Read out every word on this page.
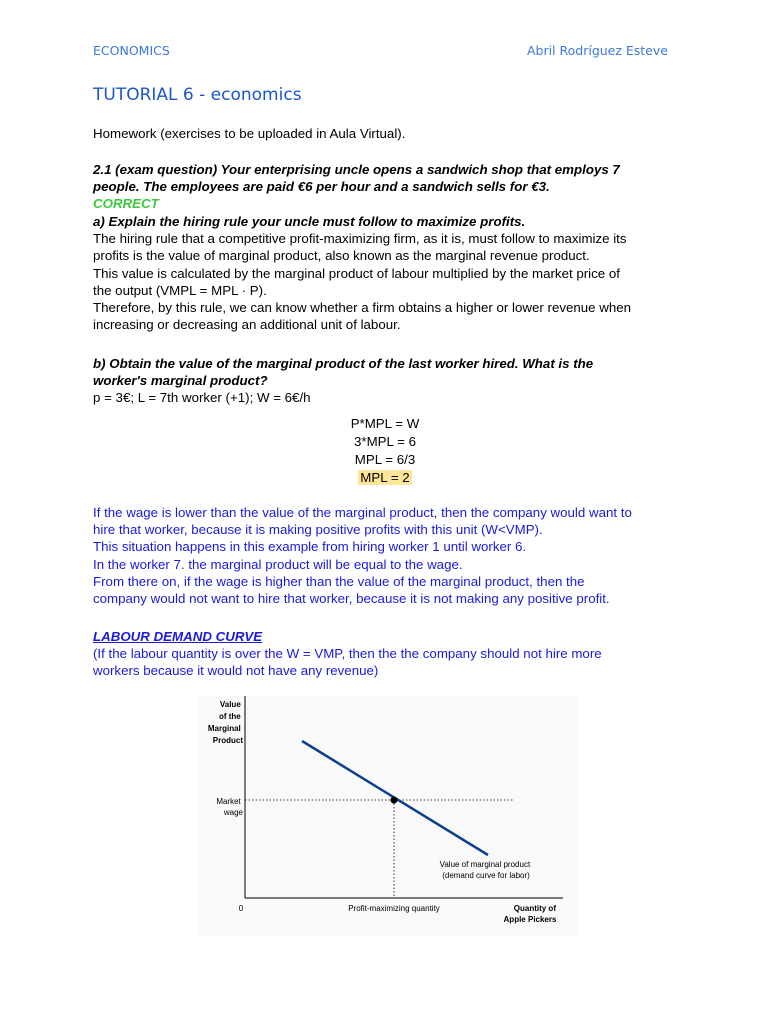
ECONOMICS	Abril Rodríguez Esteve
TUTORIAL 6 - economics

Homework (exercises to be uploaded in Aula Virtual).

2.1 (exam question) Your enterprising uncle opens a sandwich shop that employs 7
people. The employees are paid €6 per hour and a sandwich sells for €3.
CORRECT
a) Explain the hiring rule your uncle must follow to maximize profits.
The hiring rule that a competitive profit-maximizing firm, as it is, must follow to maximize its
profits is the value of marginal product, also known as the marginal revenue product.
This value is calculated by the marginal product of labour multiplied by the market price of
the output (VMPL = MPL · P).
Therefore, by this rule, we can know whether a firm obtains a higher or lower revenue when
increasing or decreasing an additional unit of labour.
b) Obtain the value of the marginal product of the last worker hired. What is the
worker's marginal product?
p = 3€; L = 7th worker (+1); W = 6€/h
P*MPL = W
3*MPL = 6
MPL = 6/3
MPL = 2
If the wage is lower than the value of the marginal product, then the company would want to
hire that worker, because it is making positive profits with this unit (W<VMP).
This situation happens in this example from hiring worker 1 until worker 6.
In the worker 7. the marginal product will be equal to the wage.
From there on, if the wage is higher than the value of the marginal product, then the
company would not want to hire that worker, because it is not making any positive profit.
LABOUR DEMAND CURVE
(If the labour quantity is over the W = VMP, then the the company should not hire more
workers because it would not have any revenue)
Value of the Marginal Product
Market wage
Value of marginal product (demand curve for labor)
0	Profit-maximizing quantity	Quantity of Apple Pickers
